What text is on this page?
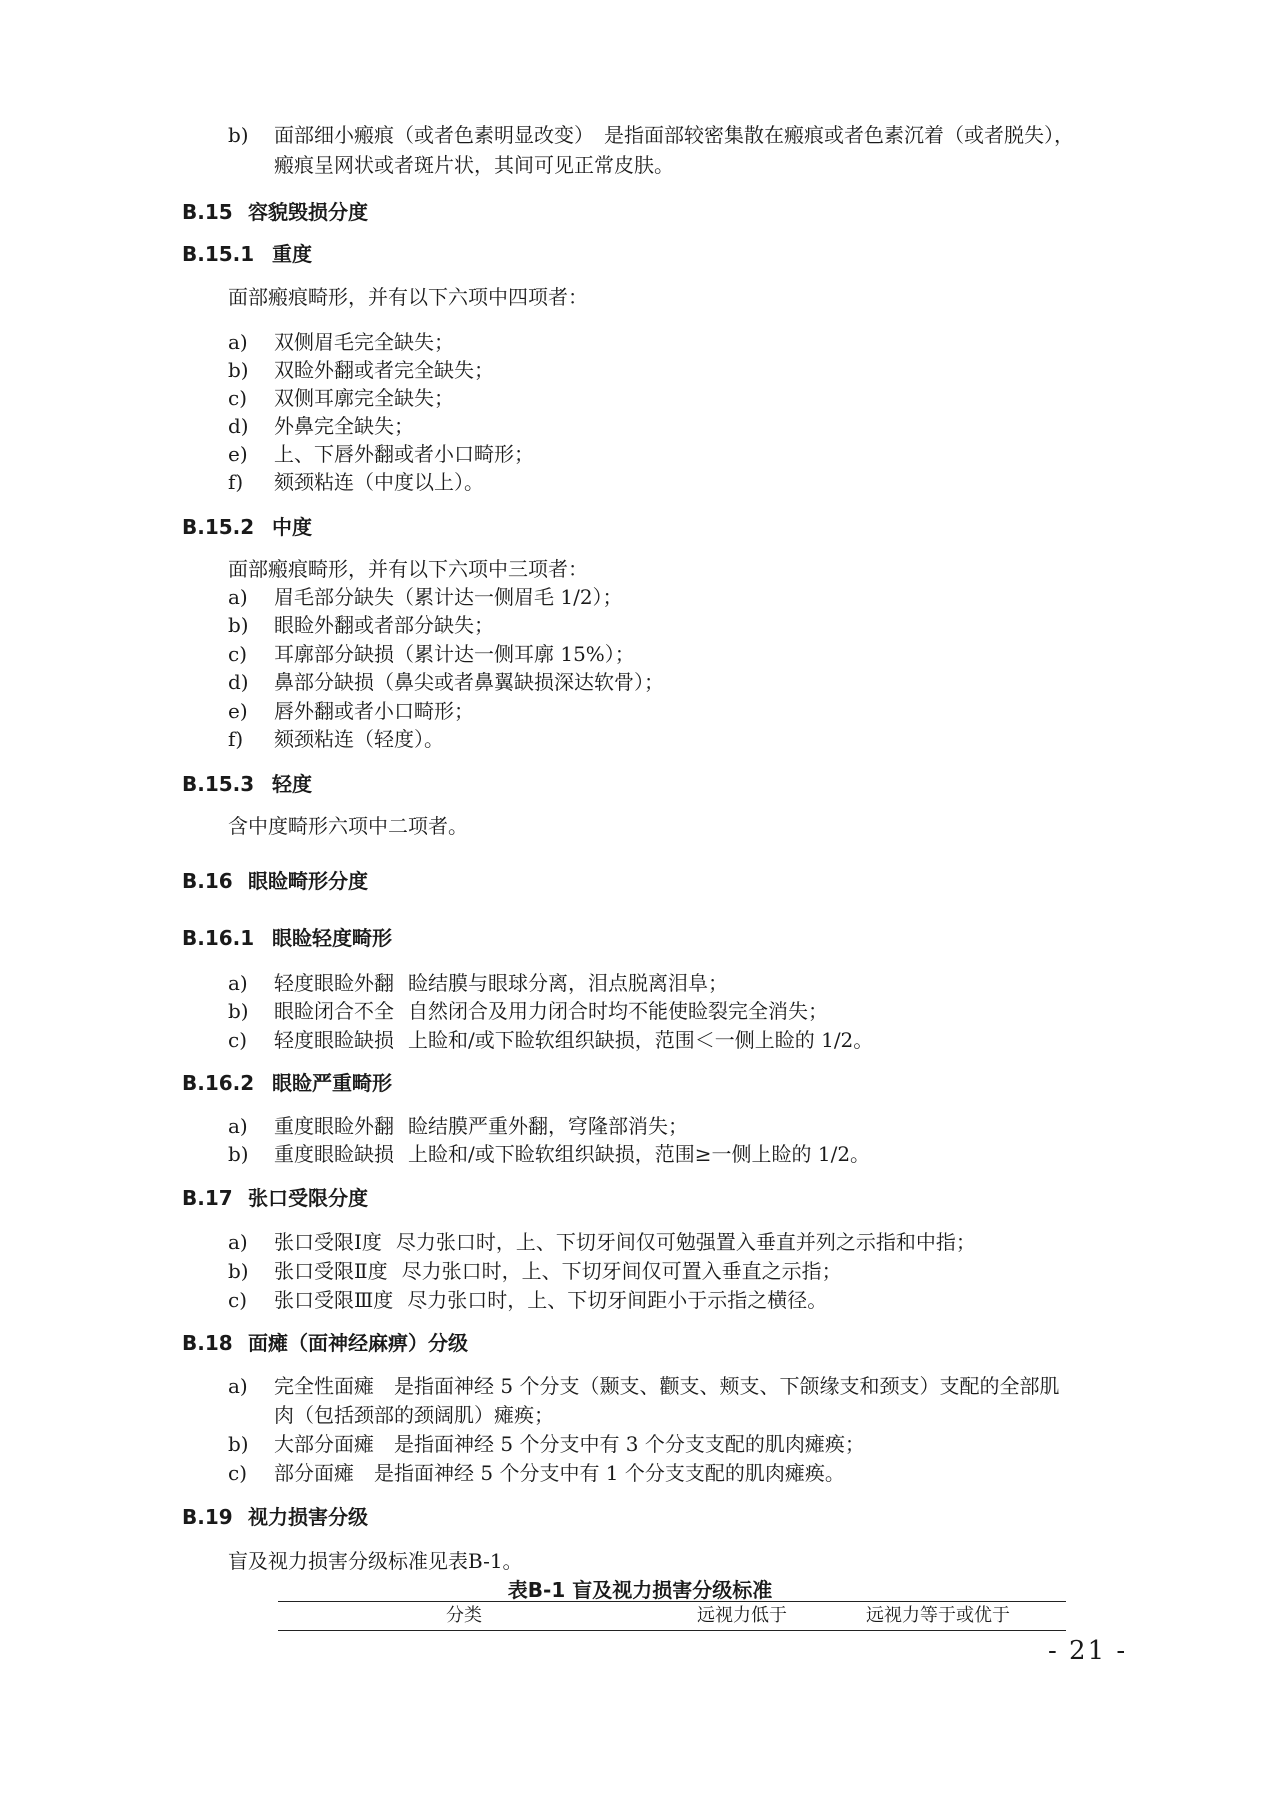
b) 面部细小瘢痕（或者色素明显改变）　是指面部较密集散在瘢痕或者色素沉着（或者脱失），
瘢痕呈网状或者斑片状，其间可见正常皮肤。
B.15 容貌毁损分度
B.15.1 重度
面部瘢痕畸形，并有以下六项中四项者：
a) 双侧眉毛完全缺失；
b) 双睑外翻或者完全缺失；
c) 双侧耳廓完全缺失；
d) 外鼻完全缺失；
e) 上、下唇外翻或者小口畸形；
f) 颏颈粘连（中度以上）。
B.15.2 中度
面部瘢痕畸形，并有以下六项中三项者：
a) 眉毛部分缺失（累计达一侧眉毛 1/2）；
b) 眼睑外翻或者部分缺失；
c) 耳廓部分缺损（累计达一侧耳廓 15%）；
d) 鼻部分缺损（鼻尖或者鼻翼缺损深达软骨）；
e) 唇外翻或者小口畸形；
f) 颏颈粘连（轻度）。
B.15.3 轻度
含中度畸形六项中二项者。
B.16 眼睑畸形分度
B.16.1 眼睑轻度畸形
a) 轻度眼睑外翻 睑结膜与眼球分离，泪点脱离泪阜；
b) 眼睑闭合不全 自然闭合及用力闭合时均不能使睑裂完全消失；
c) 轻度眼睑缺损 上睑和/或下睑软组织缺损，范围＜一侧上睑的 1/2。
B.16.2 眼睑严重畸形
a) 重度眼睑外翻 睑结膜严重外翻，穹隆部消失；
b) 重度眼睑缺损 上睑和/或下睑软组织缺损，范围≥一侧上睑的 1/2。
B.17 张口受限分度
a) 张口受限Ⅰ度 尽力张口时，上、下切牙间仅可勉强置入垂直并列之示指和中指；
b) 张口受限Ⅱ度 尽力张口时，上、下切牙间仅可置入垂直之示指；
c) 张口受限Ⅲ度 尽力张口时，上、下切牙间距小于示指之横径。
B.18 面瘫（面神经麻痹）分级
a) 完全性面瘫　是指面神经 5 个分支（颞支、颧支、颊支、下颌缘支和颈支）支配的全部肌
肉（包括颈部的颈阔肌）瘫痪；
b) 大部分面瘫　是指面神经 5 个分支中有 3 个分支支配的肌肉瘫痪；
c) 部分面瘫　是指面神经 5 个分支中有 1 个分支支配的肌肉瘫痪。
B.19 视力损害分级
盲及视力损害分级标准见表B-1。
表B-1 盲及视力损害分级标准
分类	远视力低于	远视力等于或优于
- 21 -
